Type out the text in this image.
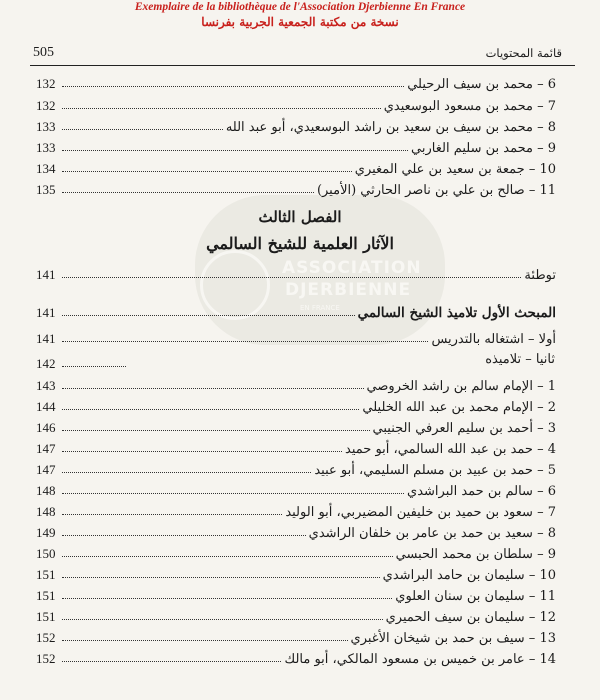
ASSOCIATION
DJERBIENNE
EN FRANCE
Exemplaire de la bibliothèque de l'Association Djerbienne En France
نسخة من مكتبة الجمعية الجربية بفرنسا
505	قائمة المحتويات
6 – محمد بن سيف الرحيلي
132
7 – محمد بن مسعود البوسعيدي
132
8 – محمد بن سيف بن سعيد بن راشد البوسعيدي، أبو عبد الله
133
9 – محمد بن سليم الغاربي
133
10 – جمعة بن سعيد بن علي المغيري
134
11 – صالح بن علي بن ناصر الحارثي (الأمير)
135
الفصل الثالث
الآثار العلمية للشيخ السالمي
توطئة
141
المبحث الأول تلاميذ الشيخ السالمي
141
أولا – اشتغاله بالتدريس
141
ثانيا – تلاميذه
142
1 – الإمام سالم بن راشد الخروصي
143
2 – الإمام محمد بن عبد الله الخليلي
144
3 – أحمد بن سليم العرفي الجنيبي
146
4 – حمد بن عبد الله السالمي، أبو حميد
147
5 – حمد بن عبيد بن مسلم السليمي، أبو عبيد
147
6 – سالم بن حمد البراشدي
148
7 – سعود بن حميد بن خليفين المضيربي، أبو الوليد
148
8 – سعيد بن حمد بن عامر بن خلفان الراشدي
149
9 – سلطان بن محمد الحبسي
150
10 – سليمان بن حامد البراشدي
151
11 – سليمان بن سنان العلوي
151
12 – سليمان بن سيف الحميري
151
13 – سيف بن حمد بن شيخان الأغبري
152
14 – عامر بن خميس بن مسعود المالكي، أبو مالك
152
